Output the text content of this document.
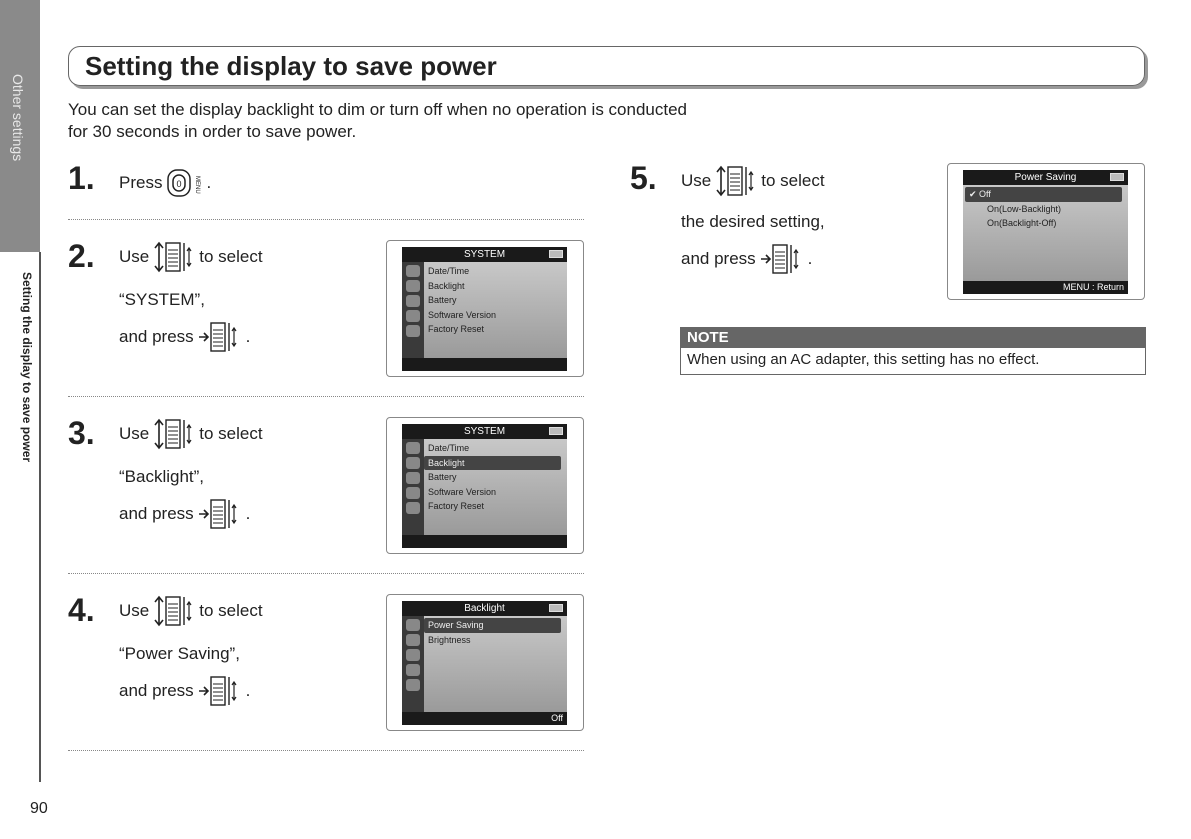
Other settings
Setting the display to save power
90
Setting the display to save power
You can set the display backlight to dim or turn off when no operation is conducted
for 30 seconds in order to save power.
1. Press 0 MENU .
2. Use	to select
“SYSTEM”,
and press	.
SYSTEM
Date/Time
Backlight
Battery
Software Version
Factory Reset
3. Use	to select
“Backlight”,
and press	.
SYSTEM
Date/Time
Backlight
Battery
Software Version
Factory Reset
4. Use	to select
“Power Saving”,
and press	.
Backlight
Power Saving
Brightness
Off
5. Use	to select
the desired setting,
and press	.
Power Saving
✔ Off
On(Low-Backlight)
On(Backlight-Off)
MENU : Return
NOTE
When using an AC adapter, this setting has no effect.
